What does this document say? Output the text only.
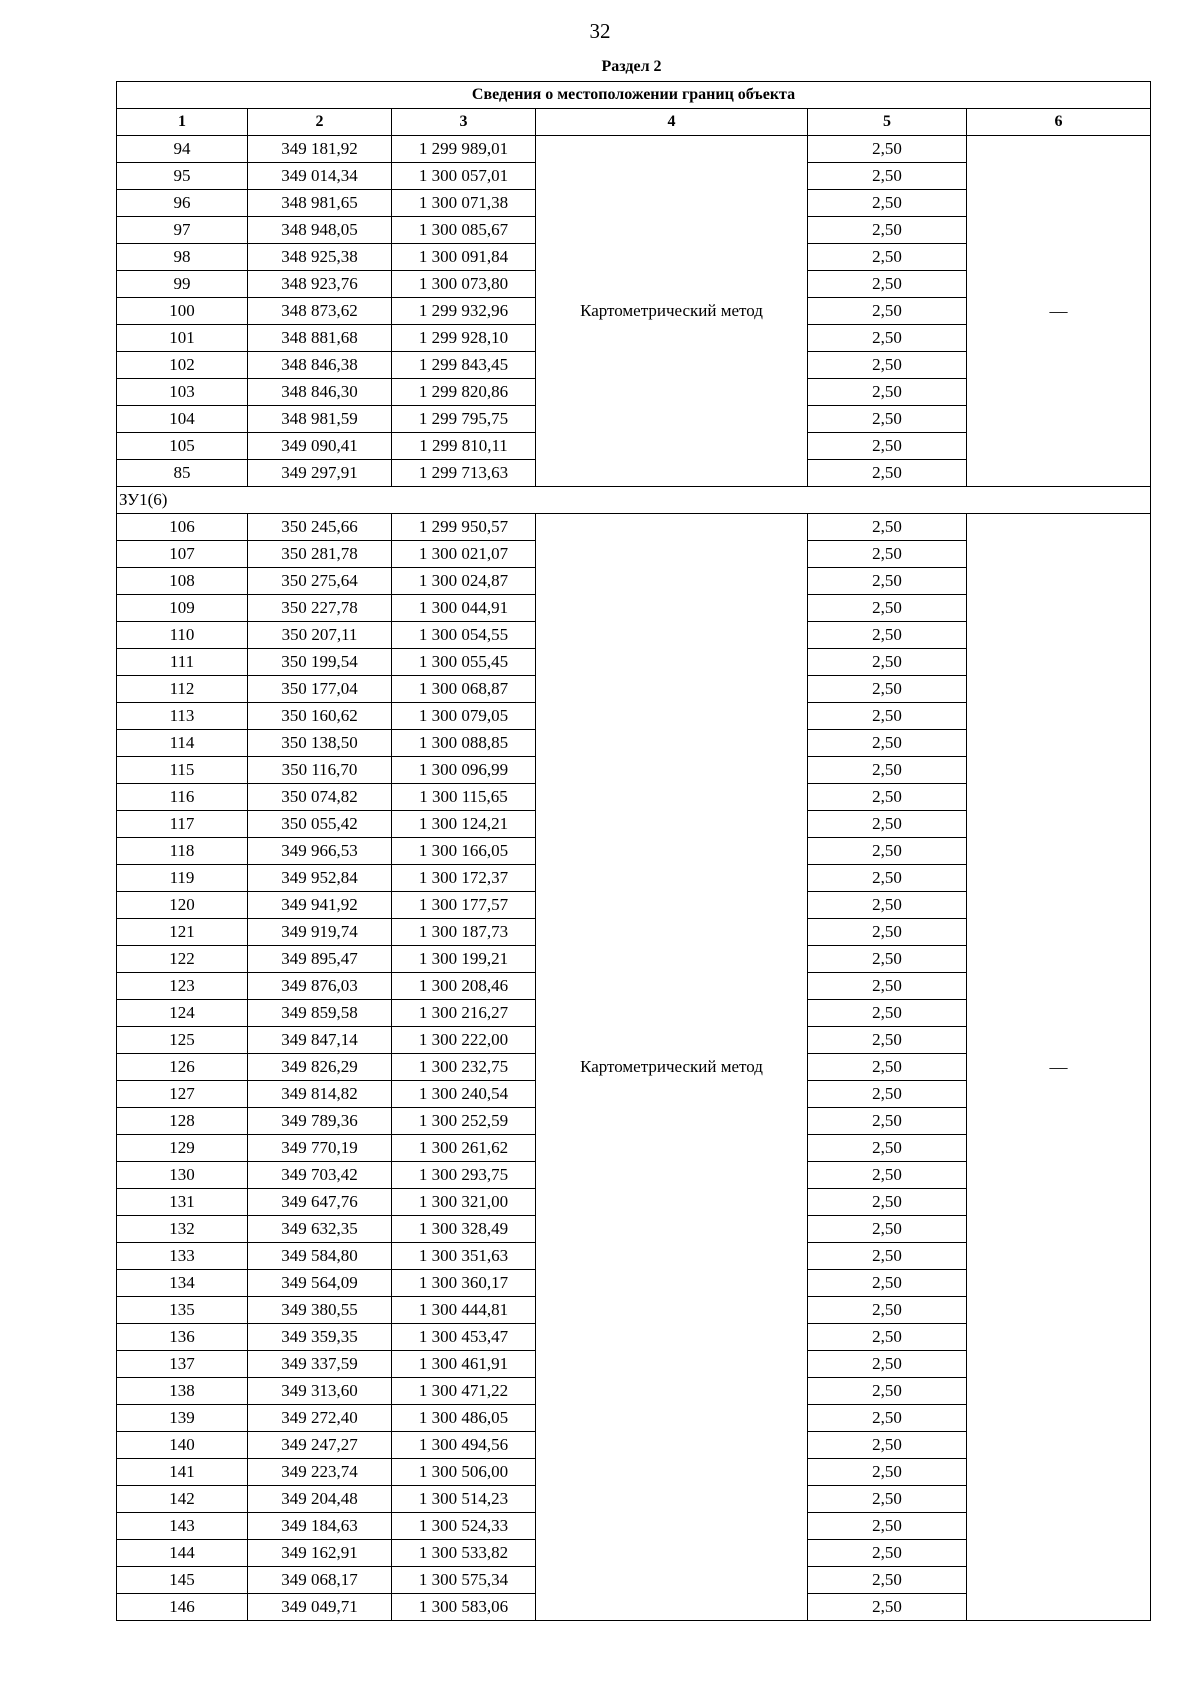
32
Раздел 2
Сведения о местоположении границ объекта					
1	2	3	4	5	6
94	349 181,92	1 299 989,01	Картометрический метод	2,50	—
95	349 014,34	1 300 057,01		2,50	
96	348 981,65	1 300 071,38		2,50	
97	348 948,05	1 300 085,67		2,50	
98	348 925,38	1 300 091,84		2,50	
99	348 923,76	1 300 073,80		2,50	
100	348 873,62	1 299 932,96		2,50	
101	348 881,68	1 299 928,10		2,50	
102	348 846,38	1 299 843,45		2,50	
103	348 846,30	1 299 820,86		2,50	
104	348 981,59	1 299 795,75		2,50	
105	349 090,41	1 299 810,11		2,50	
85	349 297,91	1 299 713,63		2,50	
ЗУ1(6)					
106	350 245,66	1 299 950,57	Картометрический метод	2,50	—
107	350 281,78	1 300 021,07		2,50	
108	350 275,64	1 300 024,87		2,50	
109	350 227,78	1 300 044,91		2,50	
110	350 207,11	1 300 054,55		2,50	
111	350 199,54	1 300 055,45		2,50	
112	350 177,04	1 300 068,87		2,50	
113	350 160,62	1 300 079,05		2,50	
114	350 138,50	1 300 088,85		2,50	
115	350 116,70	1 300 096,99		2,50	
116	350 074,82	1 300 115,65		2,50	
117	350 055,42	1 300 124,21		2,50	
118	349 966,53	1 300 166,05		2,50	
119	349 952,84	1 300 172,37		2,50	
120	349 941,92	1 300 177,57		2,50	
121	349 919,74	1 300 187,73		2,50	
122	349 895,47	1 300 199,21		2,50	
123	349 876,03	1 300 208,46		2,50	
124	349 859,58	1 300 216,27		2,50	
125	349 847,14	1 300 222,00		2,50	
126	349 826,29	1 300 232,75		2,50	
127	349 814,82	1 300 240,54		2,50	
128	349 789,36	1 300 252,59		2,50	
129	349 770,19	1 300 261,62		2,50	
130	349 703,42	1 300 293,75		2,50	
131	349 647,76	1 300 321,00		2,50	
132	349 632,35	1 300 328,49		2,50	
133	349 584,80	1 300 351,63		2,50	
134	349 564,09	1 300 360,17		2,50	
135	349 380,55	1 300 444,81		2,50	
136	349 359,35	1 300 453,47		2,50	
137	349 337,59	1 300 461,91		2,50	
138	349 313,60	1 300 471,22		2,50	
139	349 272,40	1 300 486,05		2,50	
140	349 247,27	1 300 494,56		2,50	
141	349 223,74	1 300 506,00		2,50	
142	349 204,48	1 300 514,23		2,50	
143	349 184,63	1 300 524,33		2,50	
144	349 162,91	1 300 533,82		2,50	
145	349 068,17	1 300 575,34		2,50	
146	349 049,71	1 300 583,06		2,50	
